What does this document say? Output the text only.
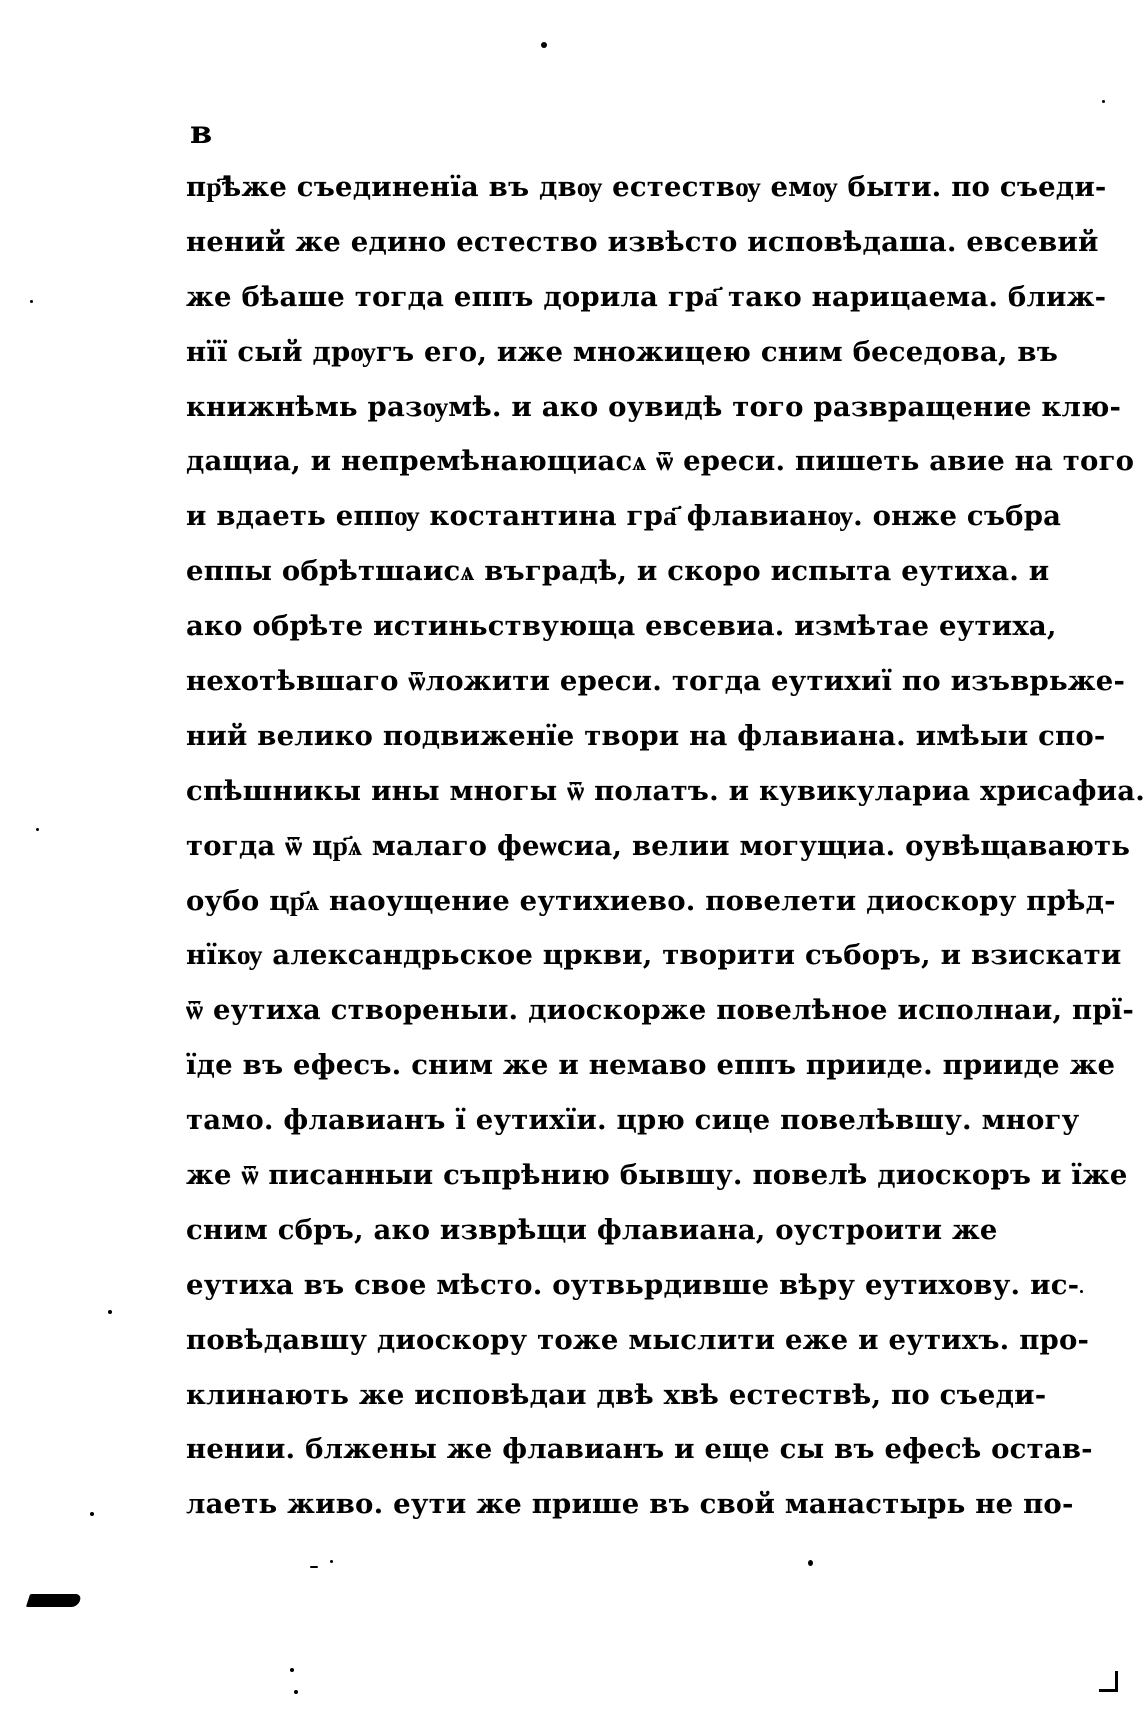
в
пр҃ѣже съединенїа въ двѹ естествѹ емѹ быти. по съеди-
нений же едино естество извѣсто исповѣдаша. евсевий
же бѣаше тогда еппъ дорила гра҃ тако нарицаема. ближ-
нїї сый дрѹгъ его, иже множицею сним беседова, въ
книжнѣмь разѹмѣ. и ако оувидѣ того развращение клю-
дащиа, и непремѣнающиасѧ ѿ ереси. пишеть авие на того
и вдаеть еппѹ костантина гра҃ флавианѹ. онже събра
еппы обрѣтшаисѧ въградѣ, и скоро испыта еутиха. и
ако обрѣте истиньствующа евсевиа. измѣтае еутиха,
нехотѣвшаго ѿложити ереси. тогда еутихиї по изъврьже-
ний велико подвиженїе твори на флавиана. имѣыи спо-
спѣшникы ины многы ѿ полатъ. и кувикулариа хрисафиа.
тогда ѿ цр҃ѧ малаго феѡсиа, велии могущиа. оувѣщавають
оубо цр҃ѧ наоущение еутихиево. повелети диоскору прѣд-
нїкѹ александрьское цркви, творити съборъ, и взискати
ѿ еутиха створеныи. диоскорже повелѣное исполнаи, прї-
їде въ ефесъ. сним же и немаво еппъ прииде. прииде же
тамо. флавианъ ї еутихїи. црю сице повелѣвшу. многу
же ѿ писанныи съпрѣнию бывшу. повелѣ диоскоръ и їже
сним сбръ, ако изврѣщи флавиана, оустроити же
еутиха въ свое мѣсто. оутвьрдивше вѣру еутихову. ис-
повѣдавшу диоскору тоже мыслити еже и еутихъ. про-
клинають же исповѣдаи двѣ хвѣ естествѣ, по съеди-
нении. блжены же флавианъ и еще сы въ ефесѣ остав-
лаеть живо. еути же прише въ свой манастырь не по-
